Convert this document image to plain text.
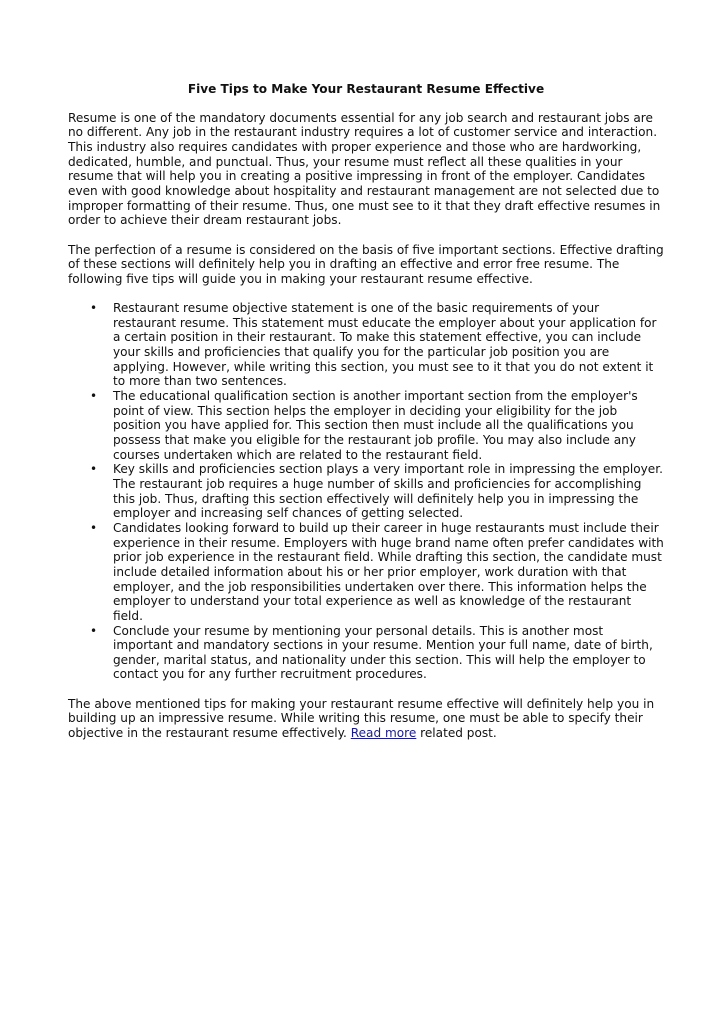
Five Tips to Make Your Restaurant Resume Effective

Resume is one of the mandatory documents essential for any job search and restaurant jobs are no different. Any job in the restaurant industry requires a lot of customer service and interaction. This industry also requires candidates with proper experience and those who are hardworking, dedicated, humble, and punctual. Thus, your resume must reflect all these qualities in your resume that will help you in creating a positive impressing in front of the employer. Candidates even with good knowledge about hospitality and restaurant management are not selected due to improper formatting of their resume. Thus, one must see to it that they draft effective resumes in order to achieve their dream restaurant jobs.

The perfection of a resume is considered on the basis of five important sections. Effective drafting of these sections will definitely help you in drafting an effective and error free resume. The following five tips will guide you in making your restaurant resume effective.

• Restaurant resume objective statement is one of the basic requirements of your restaurant resume. This statement must educate the employer about your application for a certain position in their restaurant. To make this statement effective, you can include your skills and proficiencies that qualify you for the particular job position you are applying. However, while writing this section, you must see to it that you do not extent it to more than two sentences.
• The educational qualification section is another important section from the employer's point of view. This section helps the employer in deciding your eligibility for the job position you have applied for. This section then must include all the qualifications you possess that make you eligible for the restaurant job profile. You may also include any courses undertaken which are related to the restaurant field.
• Key skills and proficiencies section plays a very important role in impressing the employer. The restaurant job requires a huge number of skills and proficiencies for accomplishing this job. Thus, drafting this section effectively will definitely help you in impressing the employer and increasing self chances of getting selected.
• Candidates looking forward to build up their career in huge restaurants must include their experience in their resume. Employers with huge brand name often prefer candidates with prior job experience in the restaurant field. While drafting this section, the candidate must include detailed information about his or her prior employer, work duration with that employer, and the job responsibilities undertaken over there. This information helps the employer to understand your total experience as well as knowledge of the restaurant field.
• Conclude your resume by mentioning your personal details. This is another most important and mandatory sections in your resume. Mention your full name, date of birth, gender, marital status, and nationality under this section. This will help the employer to contact you for any further recruitment procedures.

The above mentioned tips for making your restaurant resume effective will definitely help you in building up an impressive resume. While writing this resume, one must be able to specify their objective in the restaurant resume effectively. Read more related post.
